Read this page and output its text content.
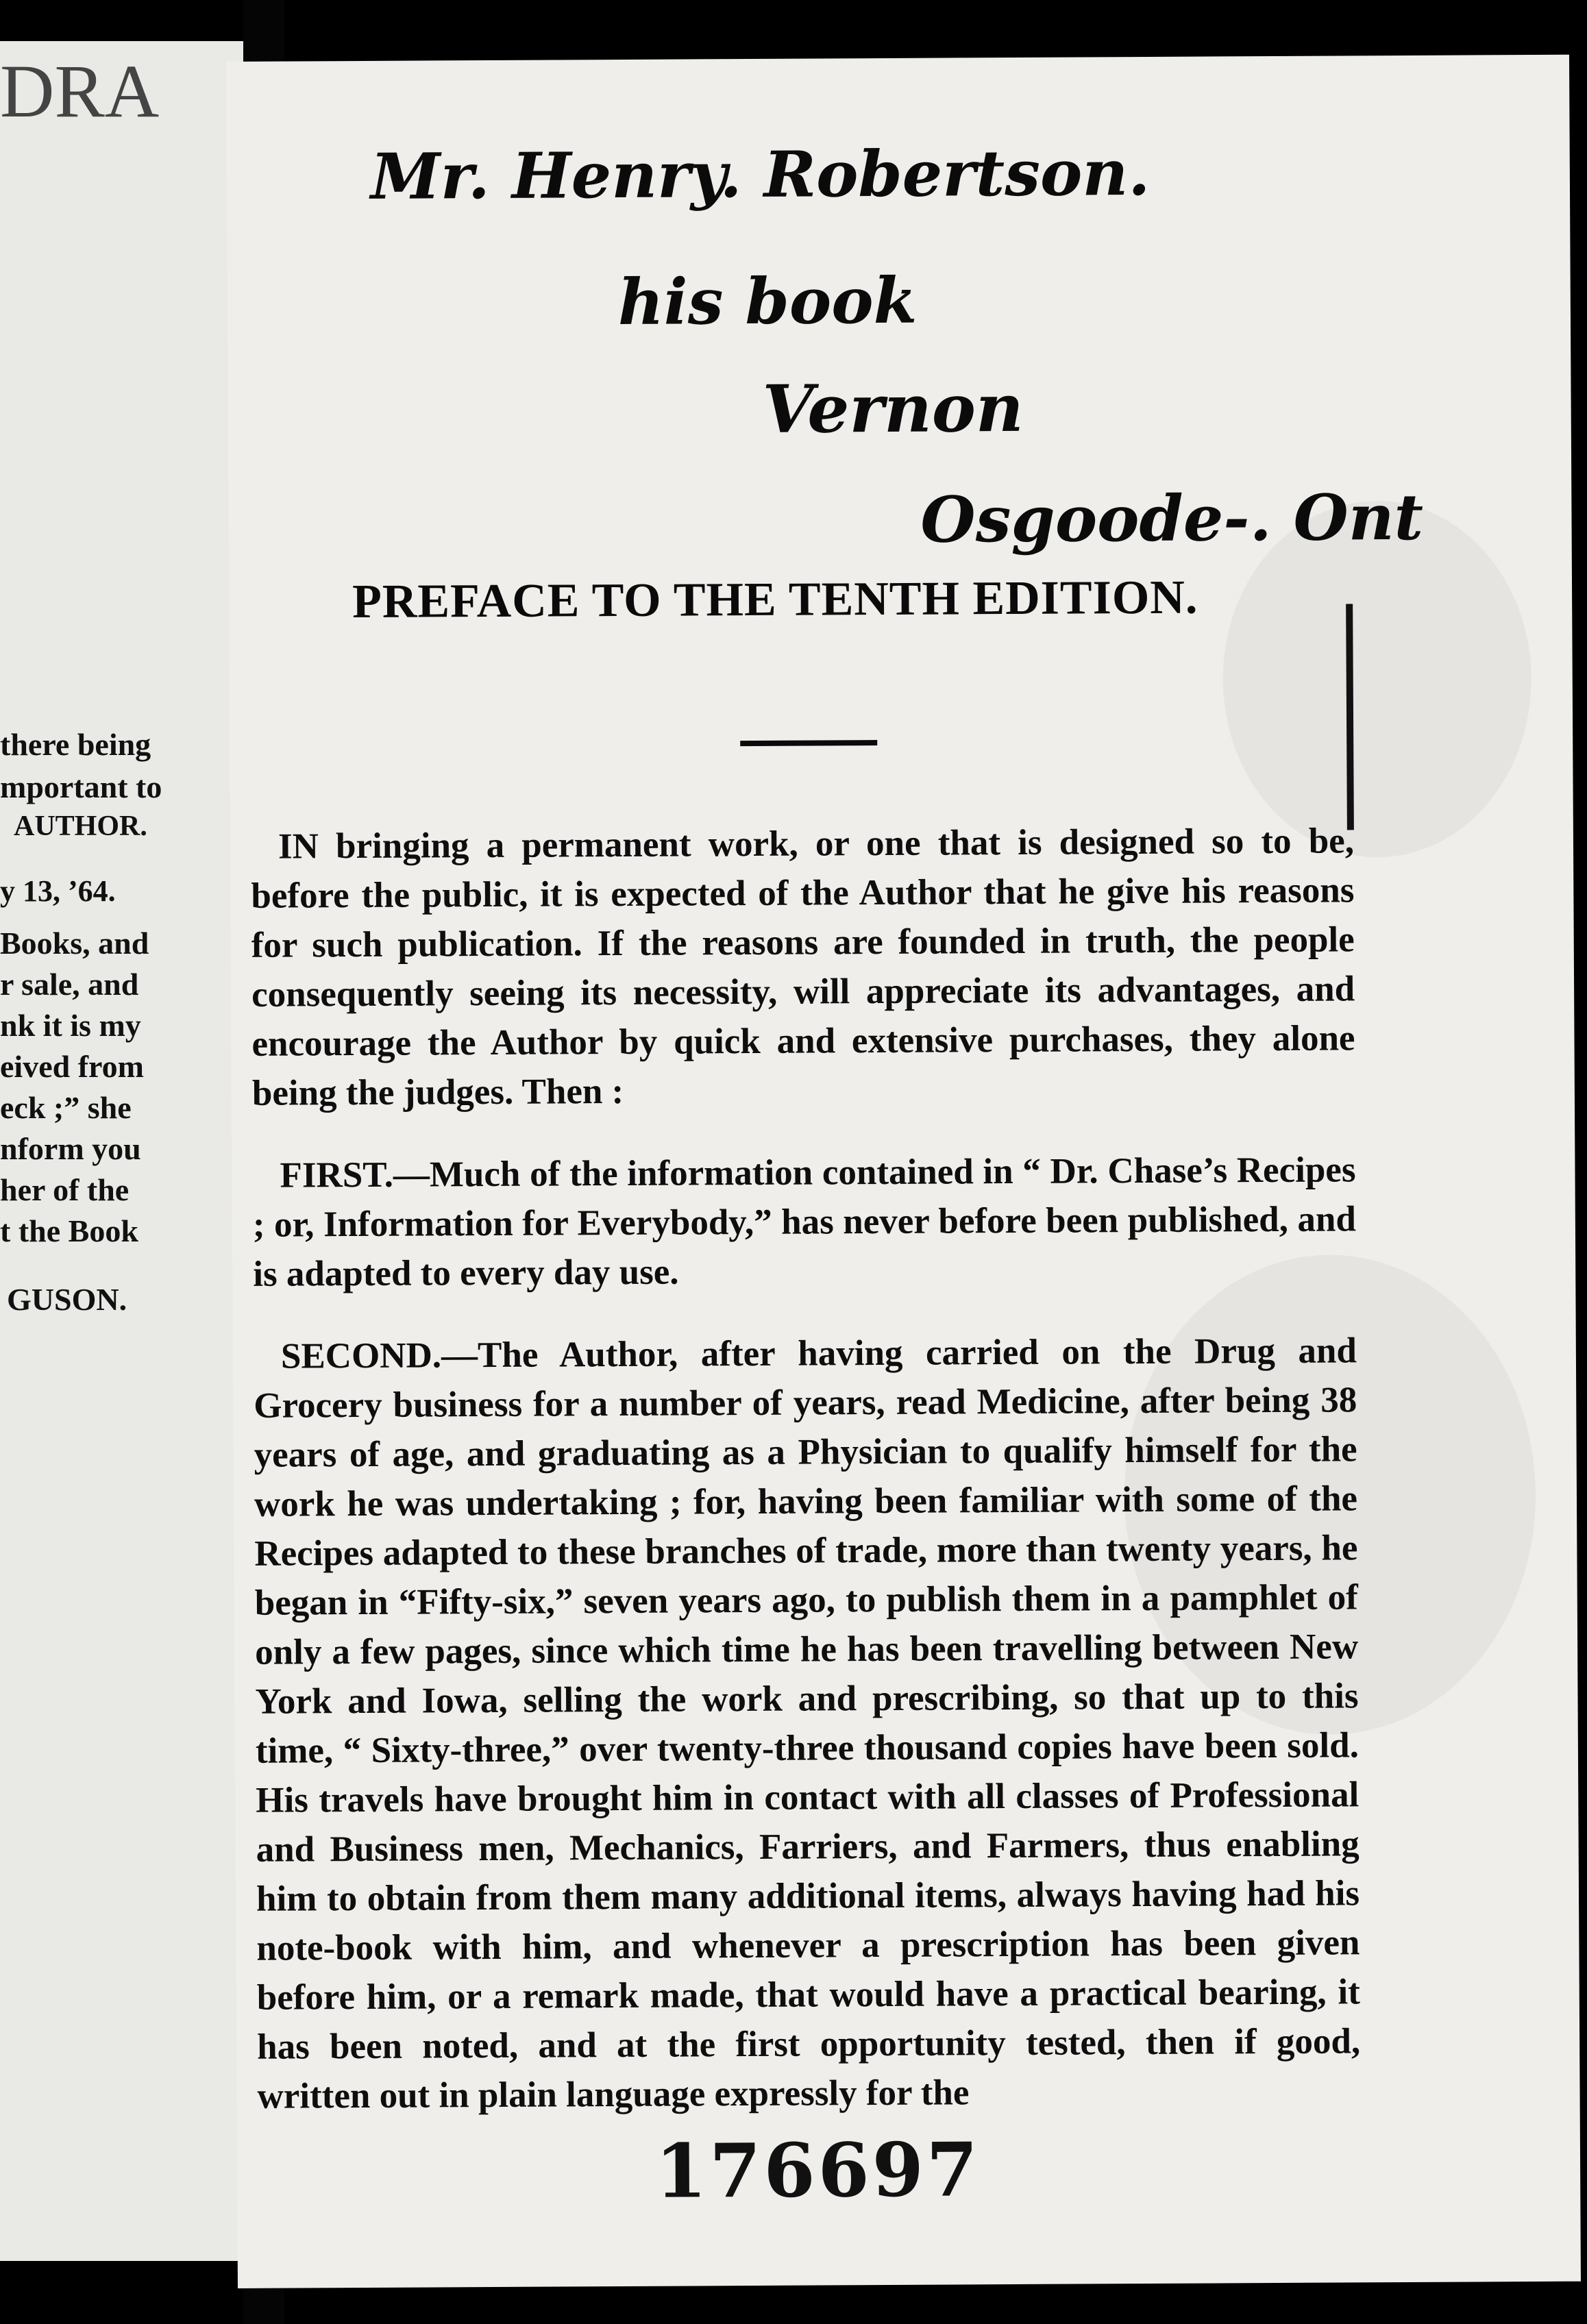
DRA
there being
mportant to
AUTHOR.
y 13, ’64.
Books, and
r sale, and
nk it is my
eived from
eck ;” she
nform you
her of the
t the Book
GUSON.
Mr. Henry. Robertson.
his book
Vernon
Osgoode-. Ont
PREFACE TO THE TENTH EDITION.

IN bringing a permanent work, or one that is designed so to be, before the public, it is expected of the Author that he give his reasons for such publication. If the reasons are founded in truth, the people consequently seeing its necessity, will appreciate its advantages, and encourage the Author by quick and extensive purchases, they alone being the judges. Then :

FIRST.—Much of the information contained in “ Dr. Chase’s Recipes ; or, Information for Everybody,” has never before been published, and is adapted to every day use.

SECOND.—The Author, after having carried on the Drug and Grocery business for a number of years, read Medicine, after being 38 years of age, and graduating as a Physician to qualify himself for the work he was undertaking ; for, having been familiar with some of the Recipes adapted to these branches of trade, more than twenty years, he began in “Fifty-six,” seven years ago, to publish them in a pamphlet of only a few pages, since which time he has been travelling between New York and Iowa, selling the work and prescribing, so that up to this time, “ Sixty-three,” over twenty-three thousand copies have been sold. His travels have brought him in contact with all classes of Professional and Business men, Mechanics, Farriers, and Farmers, thus enabling him to obtain from them many additional items, always having had his note-book with him, and whenever a prescription has been given before him, or a remark made, that would have a practical bearing, it has been noted, and at the first opportunity tested, then if good, written out in plain language expressly for the

176697
